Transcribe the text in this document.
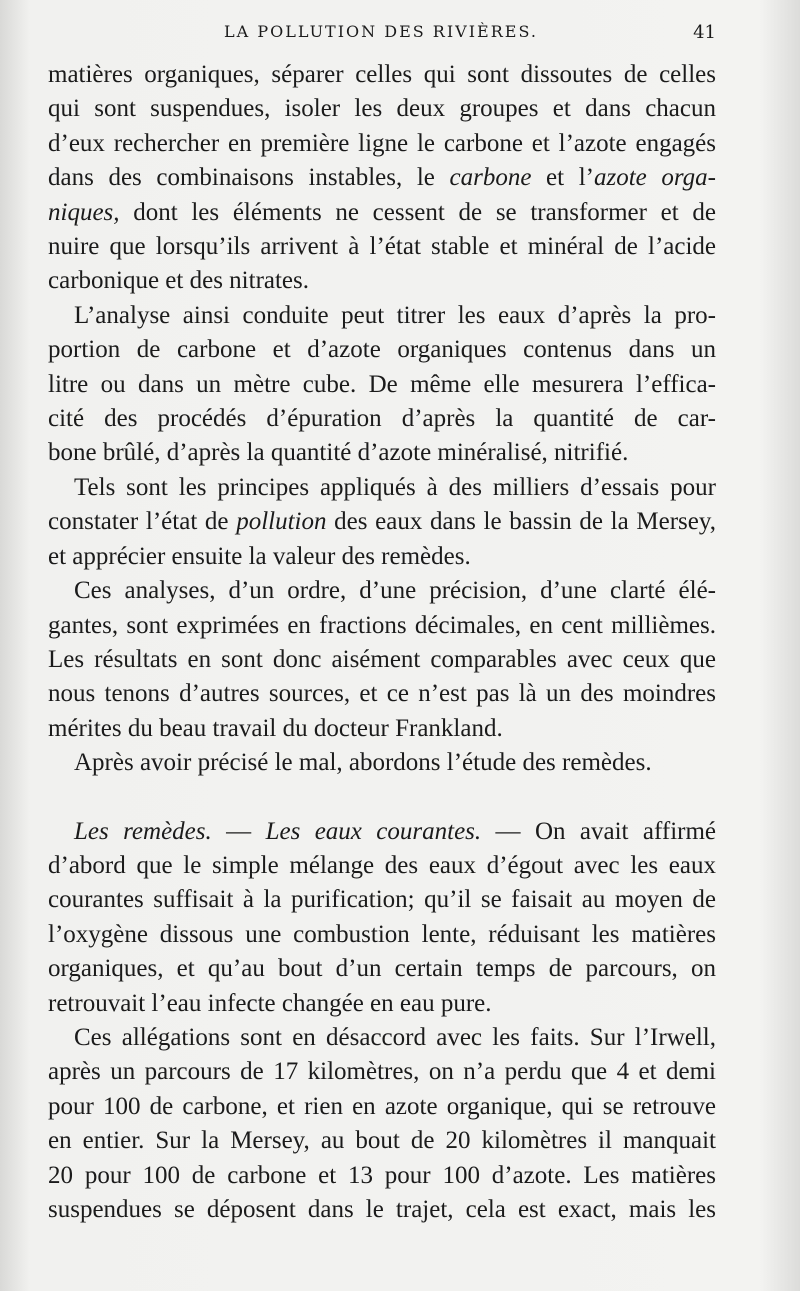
LA POLLUTION DES RIVIÈRES.	41

matières organiques, séparer celles qui sont dissoutes de celles

qui sont suspendues, isoler les deux groupes et dans chacun

d’eux rechercher en première ligne le carbone et l’azote engagés

dans des combinaisons instables, le carbone et l’azote orga-

niques, dont les éléments ne cessent de se transformer et de

nuire que lorsqu’ils arrivent à l’état stable et minéral de l’acide

carbonique et des nitrates.

L’analyse ainsi conduite peut titrer les eaux d’après la pro-

portion de carbone et d’azote organiques contenus dans un

litre ou dans un mètre cube. De même elle mesurera l’effica-

cité des procédés d’épuration d’après la quantité de car-

bone brûlé, d’après la quantité d’azote minéralisé, nitrifié.

Tels sont les principes appliqués à des milliers d’essais pour

constater l’état de pollution des eaux dans le bassin de la Mersey,

et apprécier ensuite la valeur des remèdes.

Ces analyses, d’un ordre, d’une précision, d’une clarté élé-

gantes, sont exprimées en fractions décimales, en cent millièmes.

Les résultats en sont donc aisément comparables avec ceux que

nous tenons d’autres sources, et ce n’est pas là un des moindres

mérites du beau travail du docteur Frankland.

Après avoir précisé le mal, abordons l’étude des remèdes.

Les remèdes. — Les eaux courantes. — On avait affirmé

d’abord que le simple mélange des eaux d’égout avec les eaux

courantes suffisait à la purification; qu’il se faisait au moyen de

l’oxygène dissous une combustion lente, réduisant les matières

organiques, et qu’au bout d’un certain temps de parcours, on

retrouvait l’eau infecte changée en eau pure.

Ces allégations sont en désaccord avec les faits. Sur l’Irwell,

après un parcours de 17 kilomètres, on n’a perdu que 4 et demi

pour 100 de carbone, et rien en azote organique, qui se retrouve

en entier. Sur la Mersey, au bout de 20 kilomètres il manquait

20 pour 100 de carbone et 13 pour 100 d’azote. Les matières

suspendues se déposent dans le trajet, cela est exact, mais les
